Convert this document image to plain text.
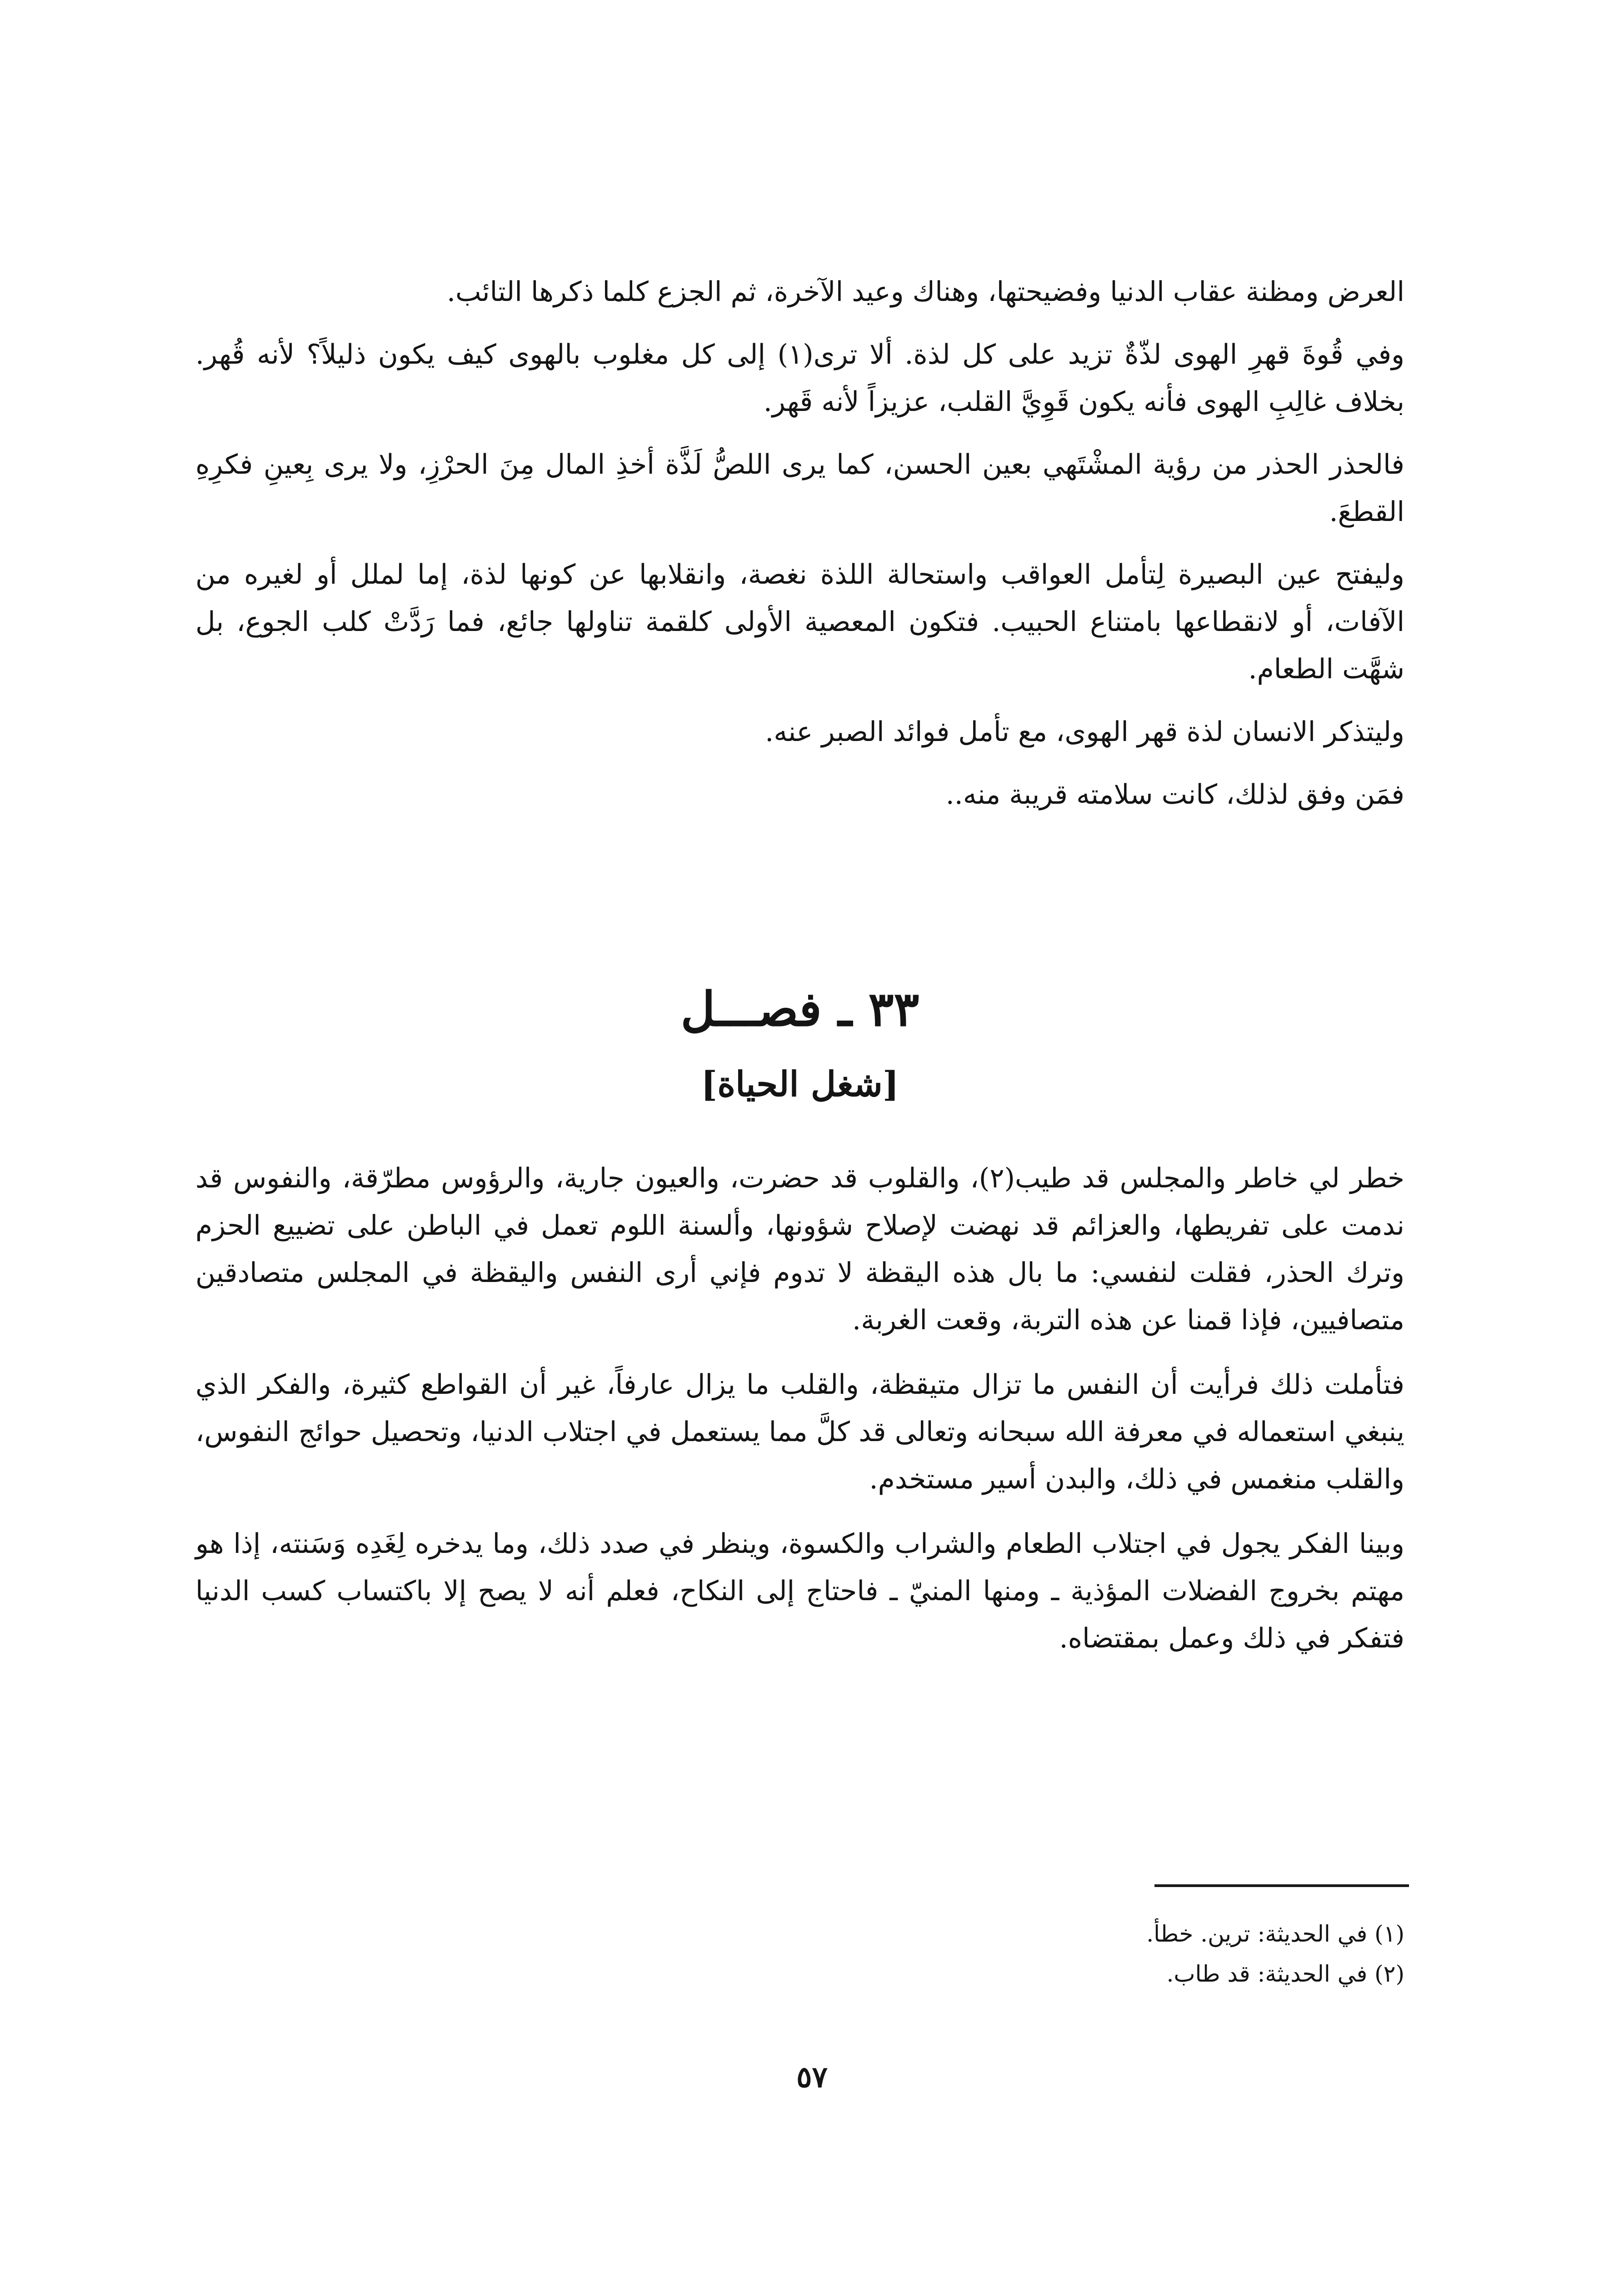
العرض ومظنة عقاب الدنيا وفضيحتها، وهناك وعيد الآخرة، ثم الجزع كلما ذكرها التائب.

وفي قُوةَ قهرِ الهوى لذّةٌ تزيد على كل لذة. ألا ترى(١) إلى كل مغلوب بالهوى كيف يكون ذليلاً؟ لأنه قُهر. بخلاف غالِبِ الهوى فأنه يكون قَوِيَّ القلب، عزيزاً لأنه قَهر.

فالحذر الحذر من رؤية المشْتَهي بعين الحسن، كما يرى اللصُّ لَذَّة أخذِ المال مِنَ الحرْزِ، ولا يرى بِعينِ فكرِهِ القطعَ.

وليفتح عين البصيرة لِتأمل العواقب واستحالة اللذة نغصة، وانقلابها عن كونها لذة، إما لملل أو لغيره من الآفات، أو لانقطاعها بامتناع الحبيب. فتكون المعصية الأولى كلقمة تناولها جائع، فما رَدَّتْ كلب الجوع، بل شهَّت الطعام.

وليتذكر الانسان لذة قهر الهوى، مع تأمل فوائد الصبر عنه.

فمَن وفق لذلك، كانت سلامته قريبة منه..

٣٣ ـ فصـــل
[شغل الحياة]

خطر لي خاطر والمجلس قد طيب(٢)، والقلوب قد حضرت، والعيون جارية، والرؤوس مطرّقة، والنفوس قد ندمت على تفريطها، والعزائم قد نهضت لإصلاح شؤونها، وألسنة اللوم تعمل في الباطن على تضييع الحزم وترك الحذر، فقلت لنفسي: ما بال هذه اليقظة لا تدوم فإني أرى النفس واليقظة في المجلس متصادقين متصافيين، فإذا قمنا عن هذه التربة، وقعت الغربة.

فتأملت ذلك فرأيت أن النفس ما تزال متيقظة، والقلب ما يزال عارفاً، غير أن القواطع كثيرة، والفكر الذي ينبغي استعماله في معرفة الله سبحانه وتعالى قد كلَّ مما يستعمل في اجتلاب الدنيا، وتحصيل حوائج النفوس، والقلب منغمس في ذلك، والبدن أسير مستخدم.

وبينا الفكر يجول في اجتلاب الطعام والشراب والكسوة، وينظر في صدد ذلك، وما يدخره لِغَدِه وَسَنته، إذا هو مهتم بخروج الفضلات المؤذية ـ ومنها المنيّ ـ فاحتاج إلى النكاح، فعلم أنه لا يصح إلا باكتساب كسب الدنيا فتفكر في ذلك وعمل بمقتضاه.

(١) في الحديثة: ترين. خطأ.

(٢) في الحديثة: قد طاب.

٥٧
